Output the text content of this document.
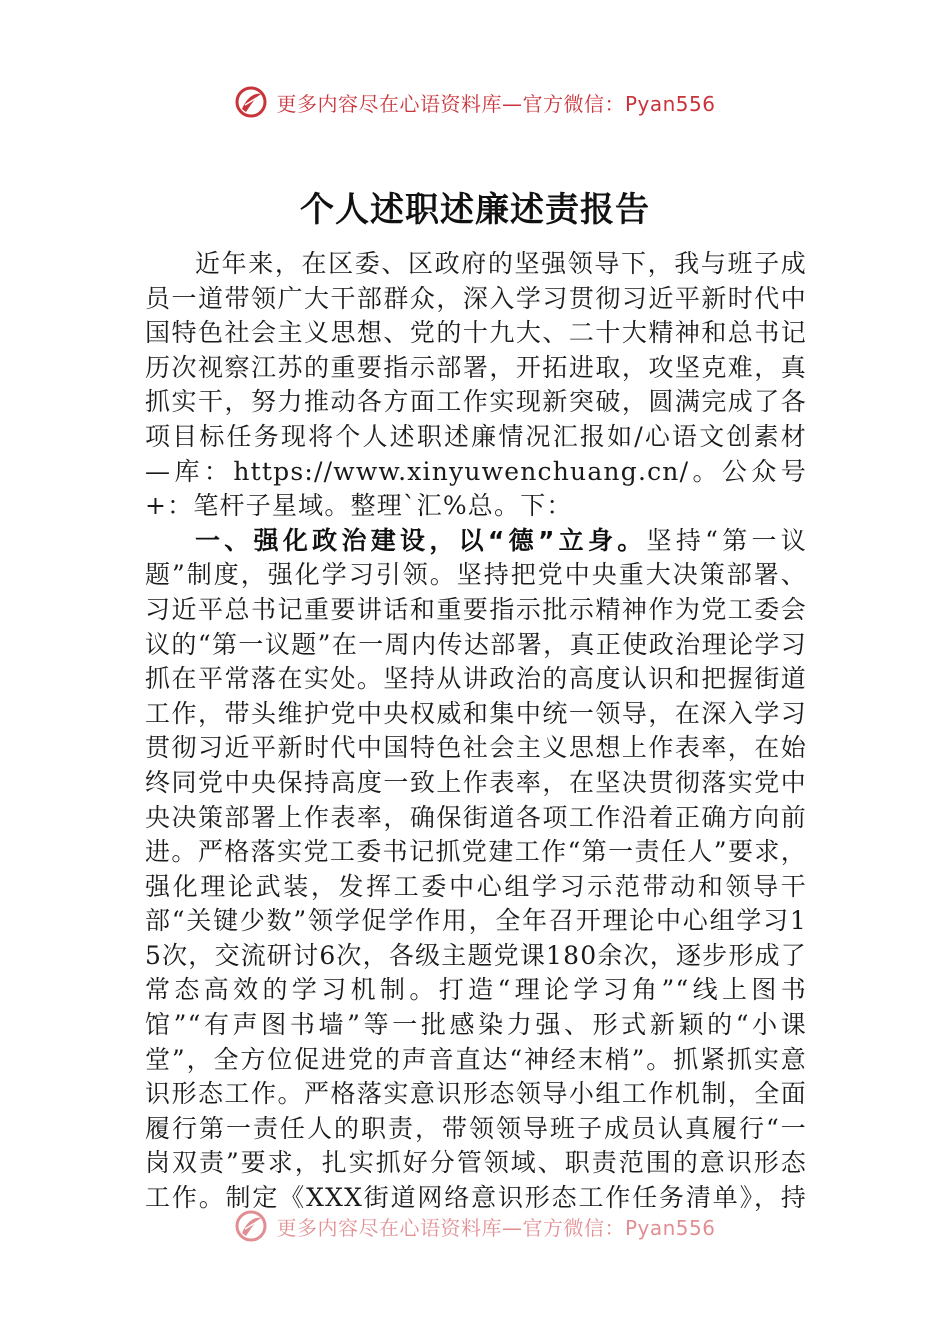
更多内容尽在心语资料库—官方微信：Pyan556
个人述职述廉述责报告

近年来，在区委、区政府的坚强领导下，我与班子成员一道带领广大干部群众，深入学习贯彻习近平新时代中国特色社会主义思想、党的十九大、二十大精神和总书记历次视察江苏的重要指示部署，开拓进取，攻坚克难，真抓实干，努力推动各方面工作实现新突破，圆满完成了各项目标任务现将个人述职述廉情况汇报如/心语文创素材—库：https://www.xinyuwenchuang.cn/。公众号+：笔杆子星域。整理`汇%总。下：

一、强化政治建设，以“德”立身。坚持“第一议题”制度，强化学习引领。坚持把党中央重大决策部署、习近平总书记重要讲话和重要指示批示精神作为党工委会议的“第一议题”在一周内传达部署，真正使政治理论学习抓在平常落在实处。坚持从讲政治的高度认识和把握街道工作，带头维护党中央权威和集中统一领导，在深入学习贯彻习近平新时代中国特色社会主义思想上作表率，在始终同党中央保持高度一致上作表率，在坚决贯彻落实党中央决策部署上作表率，确保街道各项工作沿着正确方向前进。严格落实党工委书记抓党建工作“第一责任人”要求，强化理论武装，发挥工委中心组学习示范带动和领导干部“关键少数”领学促学作用，全年召开理论中心组学习15次，交流研讨6次，各级主题党课180余次，逐步形成了常态高效的学习机制。打造“理论学习角”“线上图书馆”“有声图书墙”等一批感染力强、形式新颖的“小课堂”，全方位促进党的声音直达“神经末梢”。抓紧抓实意识形态工作。严格落实意识形态领导小组工作机制，全面履行第一责任人的职责，带领领导班子成员认真履行“一岗双责”要求，扎实抓好分管领域、职责范围的意识形态工作。制定《XXX街道网络意识形态工作任务清单》，持

更多内容尽在心语资料库—官方微信：Pyan556
